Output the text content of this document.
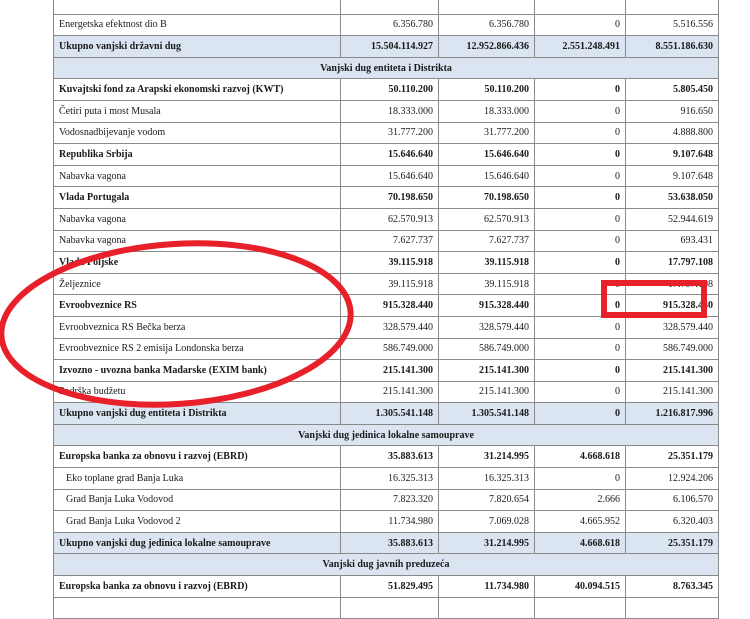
Energetska efektnost dio B	6.356.780	6.356.780	0	5.516.556
Ukupno vanjski državni dug	15.504.114.927	12.952.866.436	2.551.248.491	8.551.186.630
Vanjski dug entiteta i Distrikta				
Kuvajtski fond za Arapski ekonomski razvoj (KWT)	50.110.200	50.110.200	0	5.805.450
Četiri puta i most Musala	18.333.000	18.333.000	0	916.650
Vodosnadbijevanje vodom	31.777.200	31.777.200	0	4.888.800
Republika Srbija	15.646.640	15.646.640	0	9.107.648
Nabavka vagona	15.646.640	15.646.640	0	9.107.648
Vlada Portugala	70.198.650	70.198.650	0	53.638.050
Nabavka vagona	62.570.913	62.570.913	0	52.944.619
Nabavka vagona	7.627.737	7.627.737	0	693.431
Vlada Poljske	39.115.918	39.115.918	0	17.797.108
Željeznice	39.115.918	39.115.918	0	17.797.108
Evroobveznice RS	915.328.440	915.328.440	0	915.328.440
Evroobveznica RS Bečka berza	328.579.440	328.579.440	0	328.579.440
Evroobveznice RS 2 emisija Londonska berza	586.749.000	586.749.000	0	586.749.000
Izvozno - uvozna banka Mađarske (EXIM bank)	215.141.300	215.141.300	0	215.141.300
Podrška budžetu	215.141.300	215.141.300	0	215.141.300
Ukupno vanjski dug entiteta i Distrikta	1.305.541.148	1.305.541.148	0	1.216.817.996
Vanjski dug jedinica lokalne samouprave				
Europska banka za obnovu i razvoj (EBRD)	35.883.613	31.214.995	4.668.618	25.351.179
Eko toplane grad Banja Luka	16.325.313	16.325.313	0	12.924.206
Grad Banja Luka Vodovod	7.823.320	7.820.654	2.666	6.106.570
Grad Banja Luka Vodovod 2	11.734.980	7.069.028	4.665.952	6.320.403
Ukupno vanjski dug jedinica lokalne samouprave	35.883.613	31.214.995	4.668.618	25.351.179
Vanjski dug javnih preduzeća				
Europska banka za obnovu i razvoj (EBRD)	51.829.495	11.734.980	40.094.515	8.763.345
